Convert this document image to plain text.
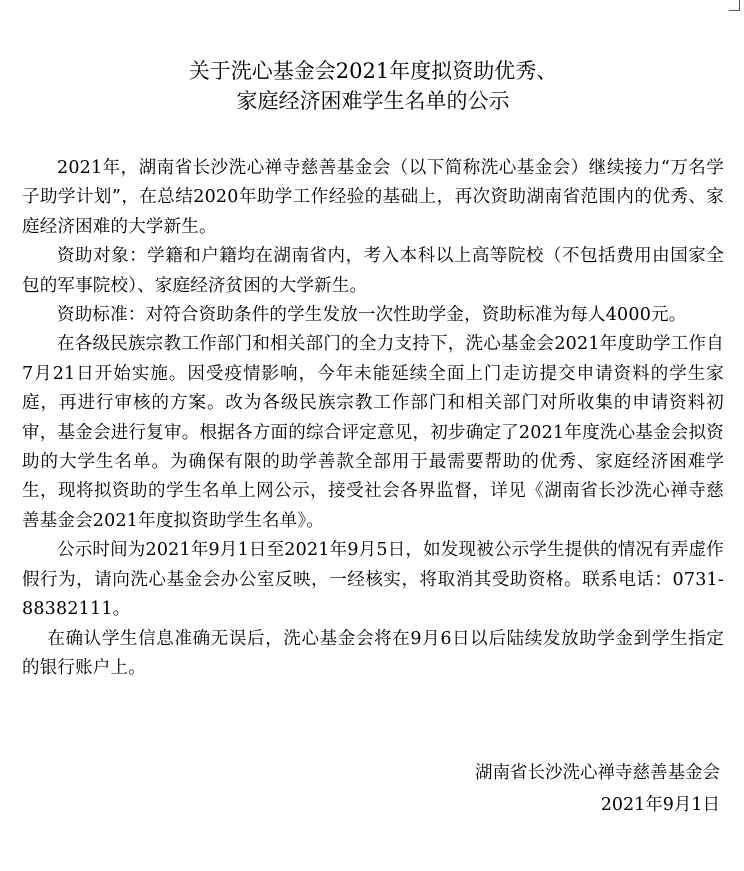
关于洗心基金会2021年度拟资助优秀、
家庭经济困难学生名单的公示

2021年，湖南省长沙洗心禅寺慈善基金会（以下简称洗心基金会）继续接力“万名学子助学计划”，在总结2020年助学工作经验的基础上，再次资助湖南省范围内的优秀、家庭经济困难的大学新生。

资助对象：学籍和户籍均在湖南省内，考入本科以上高等院校（不包括费用由国家全包的军事院校）、家庭经济贫困的大学新生。

资助标准：对符合资助条件的学生发放一次性助学金，资助标准为每人4000元。

在各级民族宗教工作部门和相关部门的全力支持下，洗心基金会2021年度助学工作自7月21日开始实施。因受疫情影响，今年未能延续全面上门走访提交申请资料的学生家庭，再进行审核的方案。改为各级民族宗教工作部门和相关部门对所收集的申请资料初审，基金会进行复审。根据各方面的综合评定意见，初步确定了2021年度洗心基金会拟资助的大学生名单。为确保有限的助学善款全部用于最需要帮助的优秀、家庭经济困难学生，现将拟资助的学生名单上网公示，接受社会各界监督，详见《湖南省长沙洗心禅寺慈善基金会2021年度拟资助学生名单》。

公示时间为2021年9月1日至2021年9月5日，如发现被公示学生提供的情况有弄虚作假行为，请向洗心基金会办公室反映，一经核实，将取消其受助资格。联系电话：0731-88382111。

在确认学生信息准确无误后，洗心基金会将在9月6日以后陆续发放助学金到学生指定的银行账户上。

湖南省长沙洗心禅寺慈善基金会
2021年9月1日
